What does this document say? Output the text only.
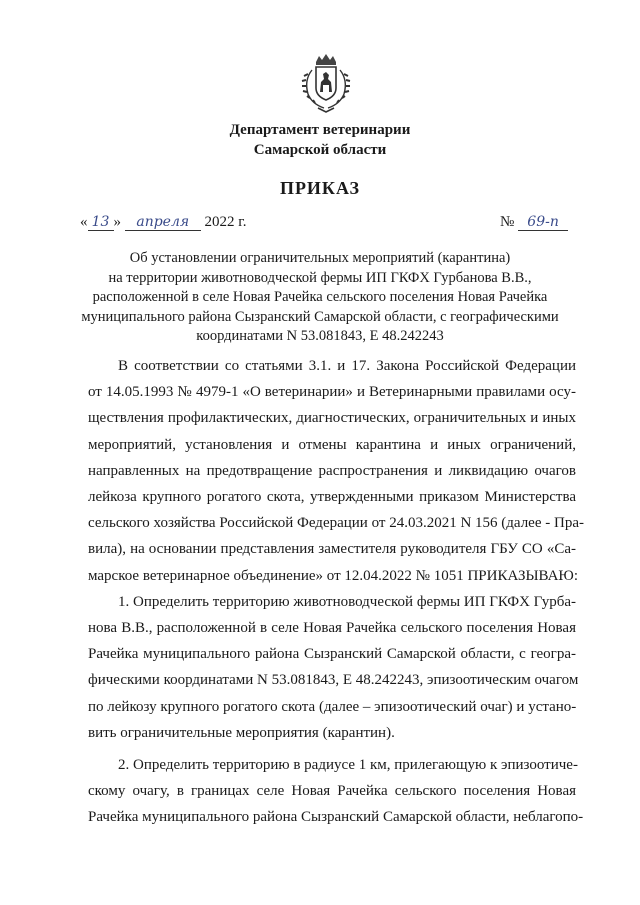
Департамент ветеринарии
Самарской области
ПРИКАЗ
« 13 » апреля 2022 г.	№ 69-п
Об установлении ограничительных мероприятий (карантина)
на территории животноводческой фермы ИП ГКФХ Гурбанова В.В.,
расположенной в селе Новая Рачейка сельского поселения Новая Рачейка
муниципального района Сызранский Самарской области, с географическими
координатами N 53.081843, E 48.242243
В соответствии со статьями 3.1. и 17. Закона Российской Федерации
от 14.05.1993 № 4979-1 «О ветеринарии» и Ветеринарными правилами осу-
ществления профилактических, диагностических, ограничительных и иных
мероприятий, установления и отмены карантина и иных ограничений,
направленных на предотвращение распространения и ликвидацию очагов
лейкоза крупного рогатого скота, утвержденными приказом Министерства
сельского хозяйства Российской Федерации от 24.03.2021 N 156 (далее - Пра-
вила), на основании представления заместителя руководителя ГБУ СО «Са-
марское ветеринарное объединение» от 12.04.2022 № 1051 ПРИКАЗЫВАЮ:
1. Определить территорию животноводческой фермы ИП ГКФХ Гурба-
нова В.В., расположенной в селе Новая Рачейка сельского поселения Новая
Рачейка муниципального района Сызранский Самарской области, с геогра-
фическими координатами N 53.081843, E 48.242243, эпизоотическим очагом
по лейкозу крупного рогатого скота (далее – эпизоотический очаг) и устано-
вить ограничительные мероприятия (карантин).
2. Определить территорию в радиусе 1 км, прилегающую к эпизоотиче-
скому очагу, в границах селе Новая Рачейка сельского поселения Новая
Рачейка муниципального района Сызранский Самарской области, неблагопо-
